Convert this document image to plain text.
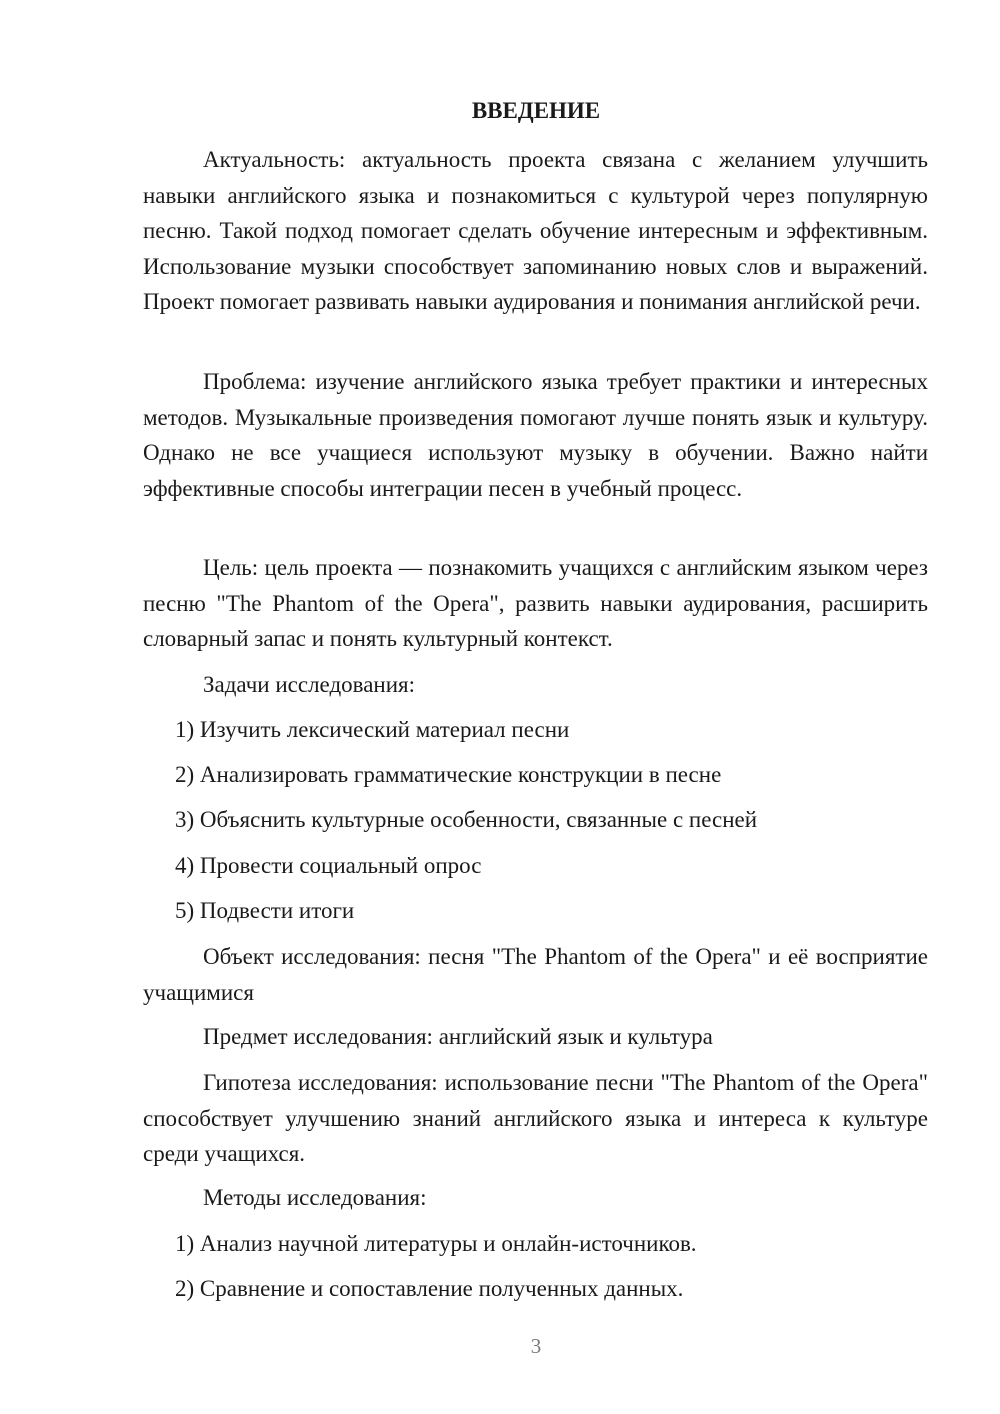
ВВЕДЕНИЕ

Актуальность: актуальность проекта связана с желанием улучшить навыки английского языка и познакомиться с культурой через популярную песню. Такой подход помогает сделать обучение интересным и эффективным. Использование музыки способствует запоминанию новых слов и выражений. Проект помогает развивать навыки аудирования и понимания английской речи.

Проблема: изучение английского языка требует практики и интересных методов. Музыкальные произведения помогают лучше понять язык и культуру. Однако не все учащиеся используют музыку в обучении. Важно найти эффективные способы интеграции песен в учебный процесс.

Цель: цель проекта — познакомить учащихся с английским языком через песню "The Phantom of the Opera", развить навыки аудирования, расширить словарный запас и понять культурный контекст.

Задачи исследования:

1) Изучить лексический материал песни

2) Анализировать грамматические конструкции в песне

3) Объяснить культурные особенности, связанные с песней

4) Провести социальный опрос

5) Подвести итоги

Объект исследования: песня "The Phantom of the Opera" и её восприятие учащимися

Предмет исследования: английский язык и культура

Гипотеза исследования: использование песни "The Phantom of the Opera" способствует улучшению знаний английского языка и интереса к культуре среди учащихся.

Методы исследования:

1) Анализ научной литературы и онлайн-источников.

2) Сравнение и сопоставление полученных данных.

3
